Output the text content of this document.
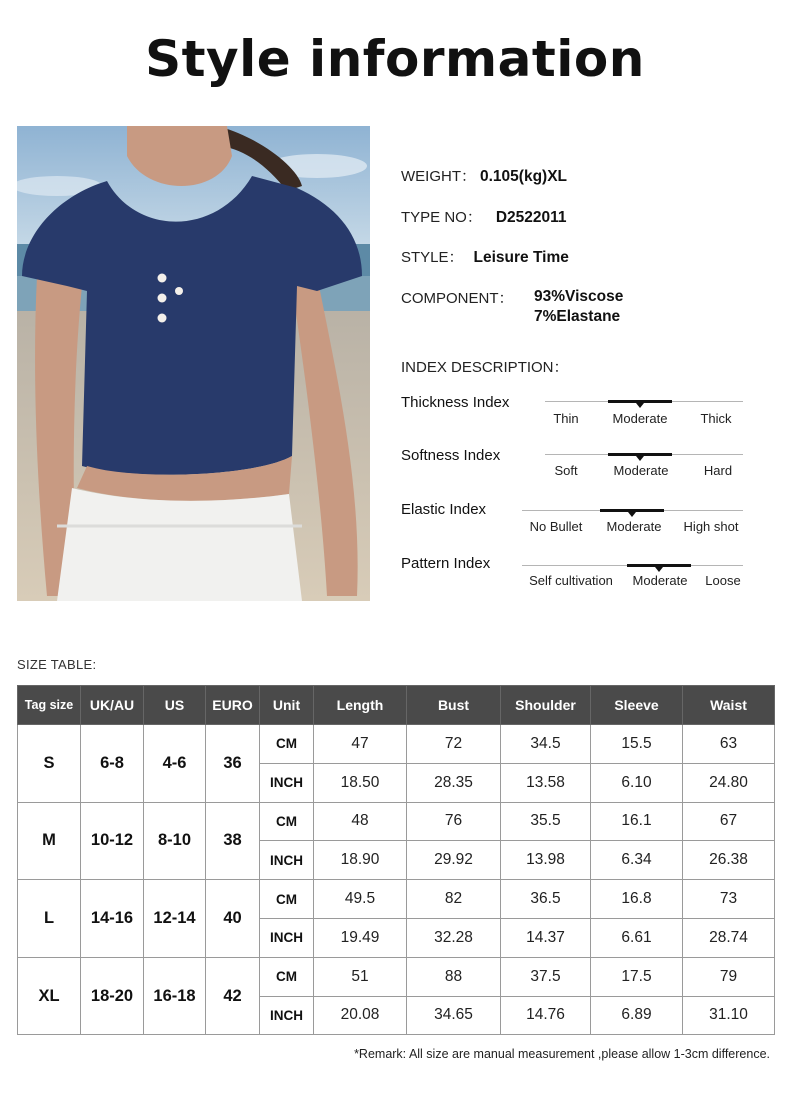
Style information
WEIGHT： 0.105(kg)XL
TYPE NO： D2522011
STYLE： Leisure Time
COMPONENT： 93%Viscose
7%Elastane
INDEX DESCRIPTION：
Thickness Index
Thin	Moderate	Thick
Softness Index
Soft	Moderate	Hard
Elastic Index
No Bullet Moderate High shot
Pattern Index
Self cultivation Moderate Loose
SIZE TABLE:
Tag size	UK/AU	US	EURO	Unit	Length	Bust	Shoulder	Sleeve	Waist
S	6-8	4-6	36	CM	47	72	34.5	15.5	63
				INCH	18.50	28.35	13.58	6.10	24.80
M	10-12	8-10	38	CM	48	76	35.5	16.1	67
				INCH	18.90	29.92	13.98	6.34	26.38
L	14-16	12-14	40	CM	49.5	82	36.5	16.8	73
				INCH	19.49	32.28	14.37	6.61	28.74
XL	18-20	16-18	42	CM	51	88	37.5	17.5	79
				INCH	20.08	34.65	14.76	6.89	31.10
*Remark: All size are manual measurement ,please allow 1-3cm difference.
